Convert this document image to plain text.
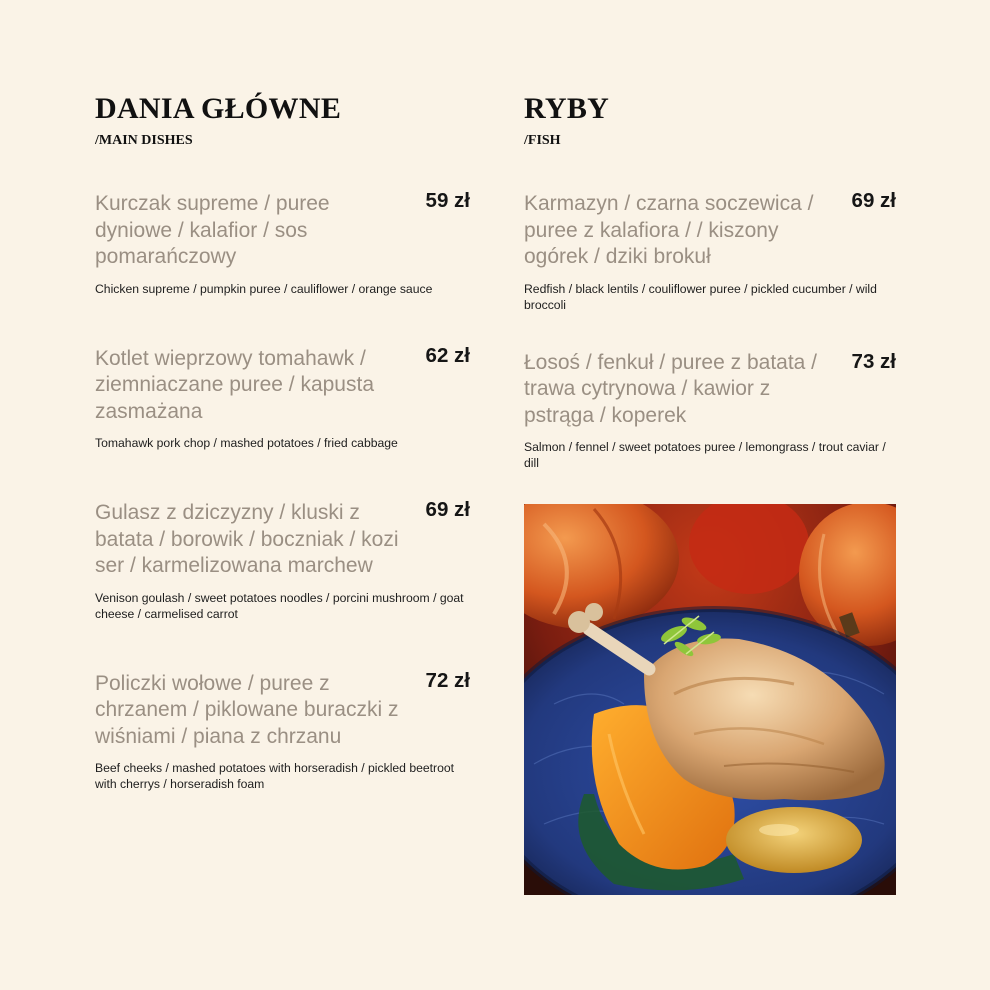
DANIA GŁÓWNE
/MAIN DISHES

Kurczak supreme / puree dyniowe / kalafior / sos pomarańczowy

59 zł
Chicken supreme / pumpkin puree / cauliflower / orange sauce

Kotlet wieprzowy tomahawk / ziemniaczane puree / kapusta zasmażana

62 zł
Tomahawk pork chop / mashed potatoes / fried cabbage

Gulasz z dziczyzny / kluski z batata / borowik / boczniak / kozi ser / karmelizowana marchew

69 zł
Venison goulash / sweet potatoes noodles / porcini mushroom / goat cheese / carmelised carrot

Policzki wołowe / puree z chrzanem / piklowane buraczki z wiśniami / piana z chrzanu

72 zł
Beef cheeks / mashed potatoes with horseradish / pickled beetroot with cherrys / horseradish foam
RYBY
/FISH

Karmazyn / czarna soczewica / puree z kalafiora / / kiszony ogórek / dziki brokuł

69 zł
Redfish / black lentils / couliflower puree / pickled cucumber / wild broccoli

Łosoś / fenkuł / puree z batata / trawa cytrynowa / kawior z pstrąga / koperek

73 zł
Salmon / fennel / sweet potatoes puree / lemongrass / trout caviar / dill
